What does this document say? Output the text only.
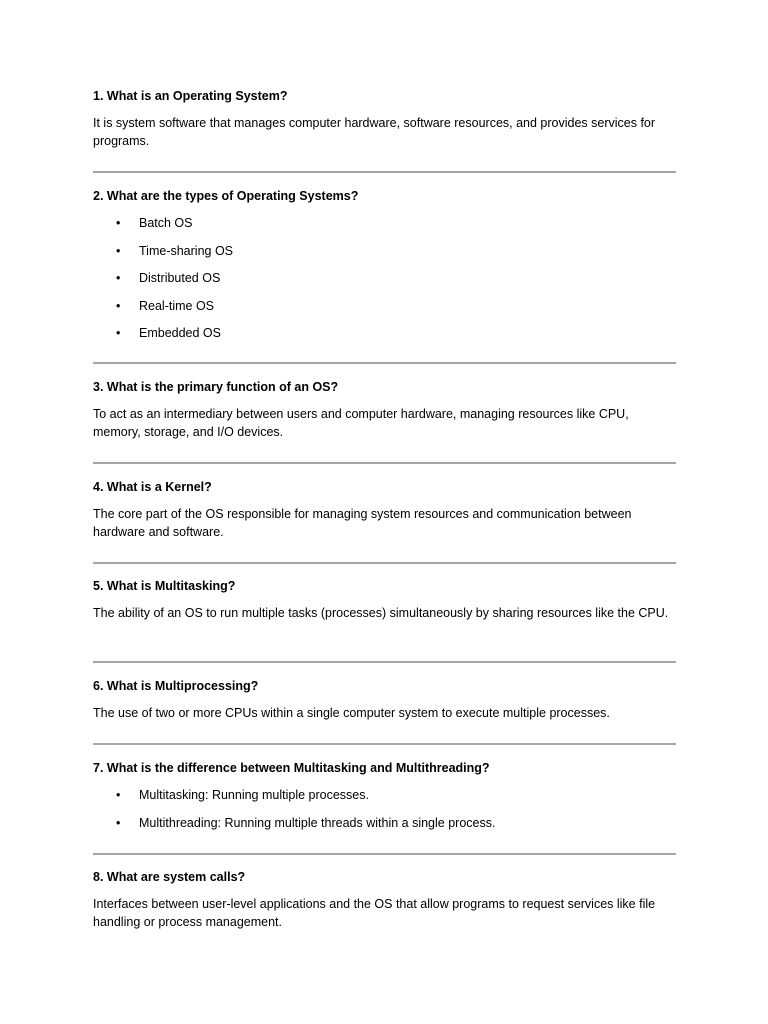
1. What is an Operating System?

It is system software that manages computer hardware, software resources, and provides services for programs.

2. What are the types of Operating Systems?

• Batch OS
• Time-sharing OS
• Distributed OS
• Real-time OS
• Embedded OS

3. What is the primary function of an OS?

To act as an intermediary between users and computer hardware, managing resources like CPU, memory, storage, and I/O devices.

4. What is a Kernel?

The core part of the OS responsible for managing system resources and communication between hardware and software.

5. What is Multitasking?

The ability of an OS to run multiple tasks (processes) simultaneously by sharing resources like the CPU.

6. What is Multiprocessing?

The use of two or more CPUs within a single computer system to execute multiple processes.

7. What is the difference between Multitasking and Multithreading?

• Multitasking: Running multiple processes.
• Multithreading: Running multiple threads within a single process.

8. What are system calls?

Interfaces between user-level applications and the OS that allow programs to request services like file handling or process management.
